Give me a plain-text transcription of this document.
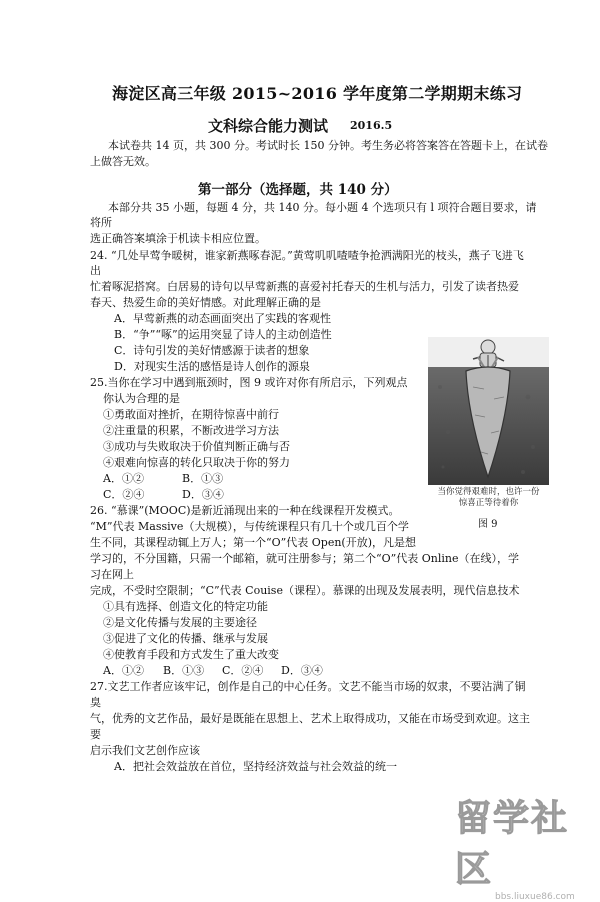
海淀区高三年级 2015~2016 学年度第二学期期末练习
文科综合能力测试 2016.5
本试卷共 14 页，共 300 分。考试时长 150 分钟。考生务必将答案答在答题卡上，在试卷
上做答无效。
第一部分（选择题，共 140 分）
本部分共 35 小题，每题 4 分，共 140 分。每小题 4 个选项只有 l 项符合题目要求，请
将所
选正确答案填涂于机读卡相应位置。
24. “几处早莺争暖树，谁家新燕啄春泥。”黄莺叽叽喳喳争抢洒满阳光的枝头，燕子飞进飞
出
忙着啄泥搭窝。白居易的诗句以早莺新燕的喜爱衬托春天的生机与活力，引发了读者热爱
春天、热爱生命的美好情感。对此理解正确的是
A．早莺新燕的动态画面突出了实践的客观性
B．“争”“啄”的运用突显了诗人的主动创造性
C．诗句引发的美好情感源于读者的想象
D．对现实生活的感悟是诗人创作的源泉
25.当你在学习中遇到瓶颈时，图 9 或许对你有所启示，下列观点
你认为合理的是
①勇敢面对挫折，在期待惊喜中前行
②注重量的积累，不断改进学习方法
③成功与失败取决于价值判断正确与否
④艰难向惊喜的转化只取决于你的努力
A．①②	B．①③
C．②④	D．③④	当你觉得艰难时，也许一份
惊喜正等待着你
图 9
26. “慕课”(MOOC)是新近涌现出来的一种在线课程开发模式。
“M”代表 Massive（大规模），与传统课程只有几十个或几百个学
生不同，其课程动辄上万人；第一个“O”代表 Open(开放)，凡是想
学习的，不分国籍，只需一个邮箱，就可注册参与；第二个“O”代表 Online（在线），学
习在网上
完成，不受时空限制；“C”代表 Couise（课程）。慕课的出现及发展表明，现代信息技术
①具有选择、创造文化的特定功能
②是文化传播与发展的主要途径
③促进了文化的传播、继承与发展
④使教育手段和方式发生了重大改变
A．①② B．①③ C．②④ D．③④
27.文艺工作者应该牢记，创作是自己的中心任务。文艺不能当市场的奴隶，不要沾满了铜
臭
气，优秀的文艺作品，最好是既能在思想上、艺术上取得成功，又能在市场受到欢迎。这主
要
启示我们文艺创作应该
A．把社会效益放在首位，坚持经济效益与社会效益的统一
留学社区
bbs.liuxue86.com
